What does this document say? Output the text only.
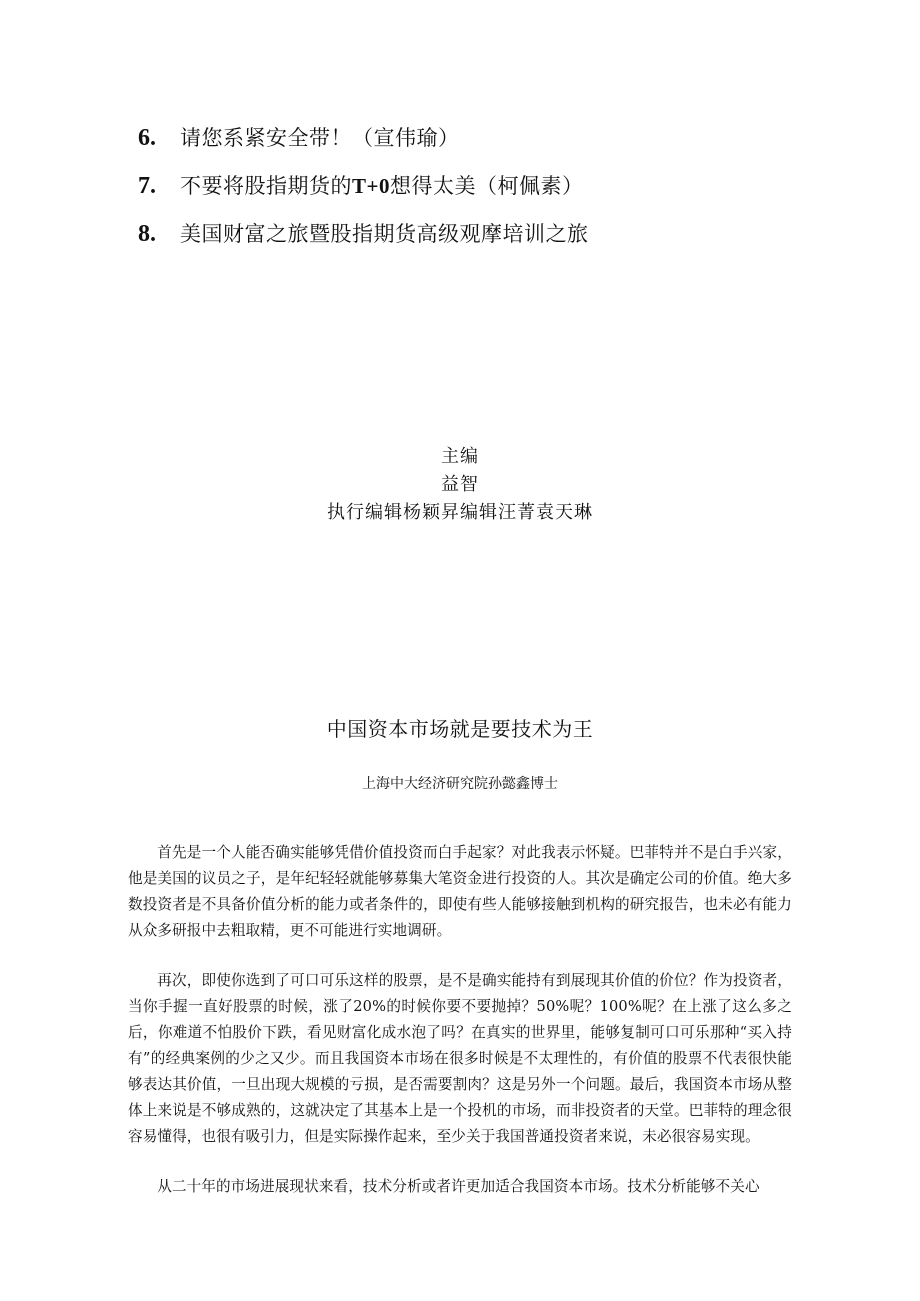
6.	请您系紧安全带！（宣伟瑜）
7.	不要将股指期货的T+0想得太美（柯佩素）
8.	美国财富之旅暨股指期货高级观摩培训之旅
主编
益智
执行编辑杨颖昇编辑汪菁袁天琳
中国资本市场就是要技术为王
上海中大经济研究院孙懿鑫博士

首先是一个人能否确实能够凭借价值投资而白手起家？对此我表示怀疑。巴菲特并不是白手兴家，他是美国的议员之子，是年纪轻轻就能够募集大笔资金进行投资的人。其次是确定公司的价值。绝大多数投资者是不具备价值分析的能力或者条件的，即使有些人能够接触到机构的研究报告，也未必有能力从众多研报中去粗取精，更不可能进行实地调研。

再次，即使你选到了可口可乐这样的股票，是不是确实能持有到展现其价值的价位？作为投资者，当你手握一直好股票的时候，涨了20%的时候你要不要抛掉？50%呢？100%呢？在上涨了这么多之后，你难道不怕股价下跌，看见财富化成水泡了吗？在真实的世界里，能够复制可口可乐那种“买入持有”的经典案例的少之又少。而且我国资本市场在很多时候是不太理性的，有价值的股票不代表很快能够表达其价值，一旦出现大规模的亏损，是否需要割肉？这是另外一个问题。最后，我国资本市场从整体上来说是不够成熟的，这就决定了其基本上是一个投机的市场，而非投资者的天堂。巴菲特的理念很容易懂得，也很有吸引力，但是实际操作起来，至少关于我国普通投资者来说，未必很容易实现。

从二十年的市场进展现状来看，技术分析或者许更加适合我国资本市场。技术分析能够不关心
